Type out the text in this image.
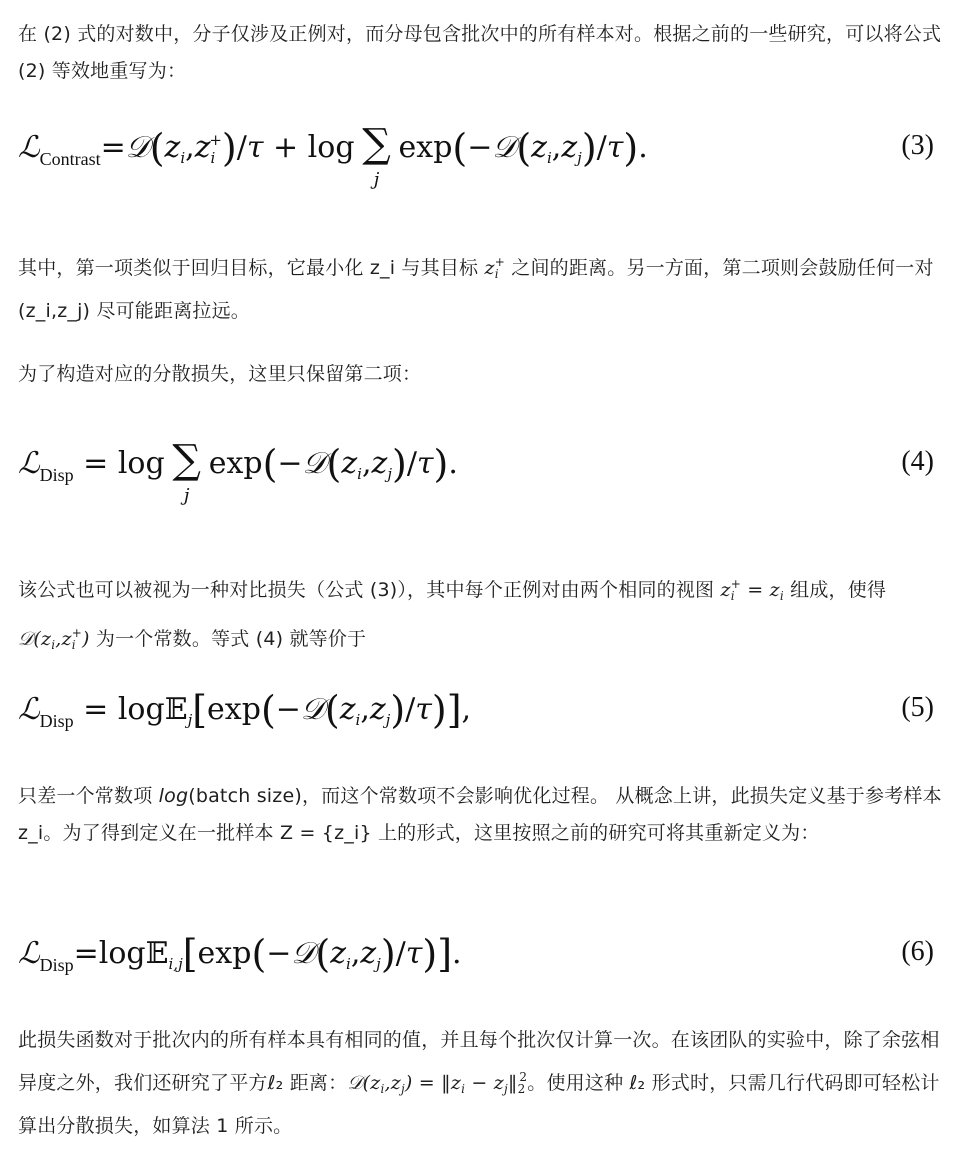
在 (2) 式的对数中，分子仅涉及正例对，而分母包含批次中的所有样本对。根据之前的一些研究，可以将公式 (2) 等效地重写为：

$ℒ_{Contrast}=𝒟(z_i,z_i^+)/\tau + \log$ ∑
j
$\exp(-𝒟(z_i,z_j)/\tau)$.	(3)

其中，第一项类似于回归目标，它最小化 z_i 与其目标 $z_i^+$ 之间的距离。另一方面，第二项则会鼓励任何一对 (z_i,z_j) 尽可能距离拉远。

为了构造对应的分散损失，这里只保留第二项：

ℒ$_{Disp}$ = log ∑
j
$\exp(-𝒟(z_i,z_j)/\tau)$.	(4)

该公式也可以被视为一种对比损失（公式 (3)），其中每个正例对由两个相同的视图 $z_i^+ = z_i$ 组成，使得 $𝒟(z_i,z_i^+)$ 为一个常数。等式 (4) 就等价于

ℒ$_{Disp}$ = $\log 𝔼_j[\exp(-𝒟(z_i,z_j)/\tau)]$,	(5)

只差一个常数项 log(batch size)，而这个常数项不会影响优化过程。 从概念上讲，此损失定义基于参考样本 z_i。为了得到定义在一批样本 Z = {z_i} 上的形式，这里按照之前的研究可将其重新定义为：

$ℒ_{Disp}=\log 𝔼_{i,j}[\exp(-𝒟(z_i,z_j)/\tau)]$.	(6)

此损失函数对于批次内的所有样本具有相同的值，并且每个批次仅计算一次。在该团队的实验中，除了余弦相异度之外，我们还研究了平方ℓ₂ 距离：$𝒟(z_i,z_j)$ = $‖z_i$ − $z_j‖_2^2$。使用这种 ℓ₂ 形式时，只需几行代码即可轻松计算出分散损失，如算法 1 所示。
